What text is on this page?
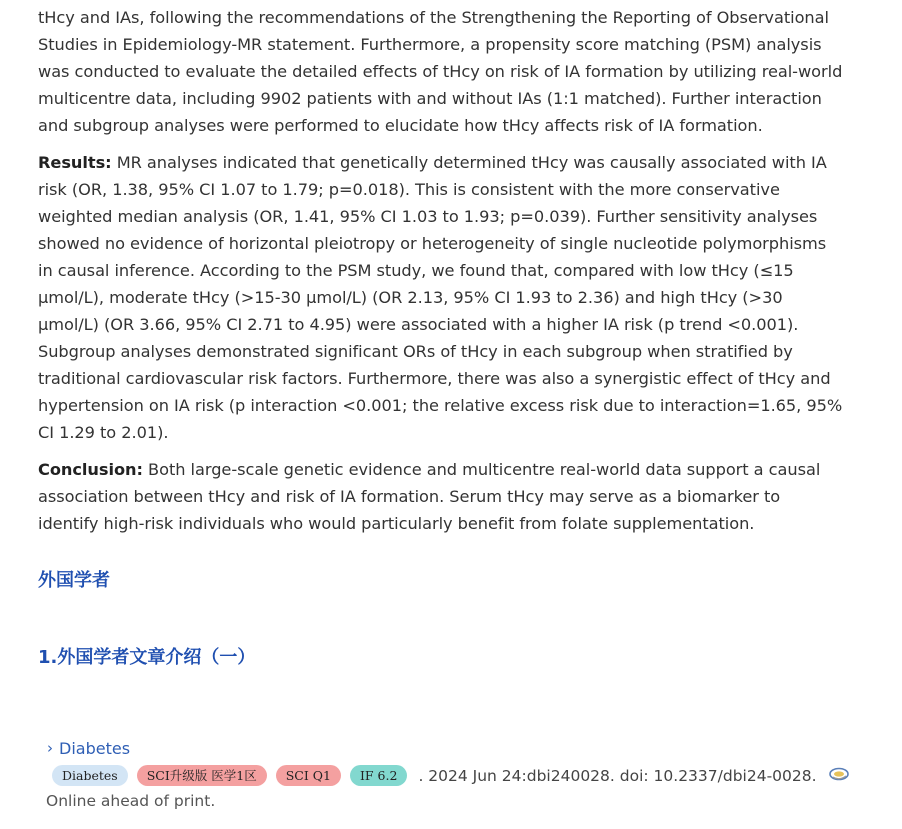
tHcy and IAs, following the recommendations of the Strengthening the Reporting of Observational Studies in Epidemiology-MR statement. Furthermore, a propensity score matching (PSM) analysis was conducted to evaluate the detailed effects of tHcy on risk of IA formation by utilizing real-world multicentre data, including 9902 patients with and without IAs (1:1 matched). Further interaction and subgroup analyses were performed to elucidate how tHcy affects risk of IA formation.

Results: MR analyses indicated that genetically determined tHcy was causally associated with IA risk (OR, 1.38, 95% CI 1.07 to 1.79; p=0.018). This is consistent with the more conservative weighted median analysis (OR, 1.41, 95% CI 1.03 to 1.93; p=0.039). Further sensitivity analyses showed no evidence of horizontal pleiotropy or heterogeneity of single nucleotide polymorphisms in causal inference. According to the PSM study, we found that, compared with low tHcy (≤15 μmol/L), moderate tHcy (>15-30 μmol/L) (OR 2.13, 95% CI 1.93 to 2.36) and high tHcy (>30 μmol/L) (OR 3.66, 95% CI 2.71 to 4.95) were associated with a higher IA risk (p trend <0.001). Subgroup analyses demonstrated significant ORs of tHcy in each subgroup when stratified by traditional cardiovascular risk factors. Furthermore, there was also a synergistic effect of tHcy and hypertension on IA risk (p interaction <0.001; the relative excess risk due to interaction=1.65, 95% CI 1.29 to 2.01).

Conclusion: Both large-scale genetic evidence and multicentre real-world data support a causal association between tHcy and risk of IA formation. Serum tHcy may serve as a biomarker to identify high-risk individuals who would particularly benefit from folate supplementation.

外国学者
1.外国学者文章介绍（一）
› Diabetes
Diabetes	SCI升级版 医学1区	SCI Q1	IF 6.2	. 2024 Jun 24:dbi240028. doi: 10.2337/dbi24-0028.
Online ahead of print.
